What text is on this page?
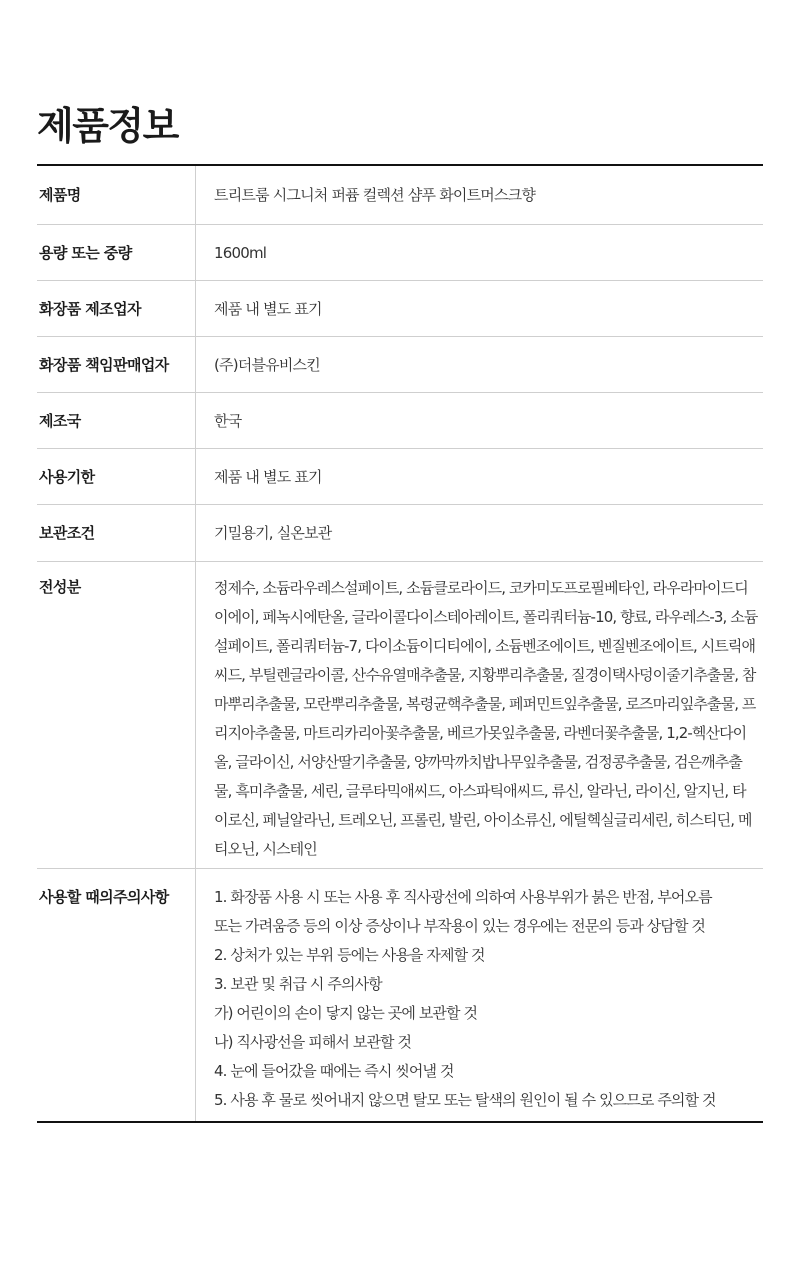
제품정보
제품명	트리트룸 시그니처 퍼퓸 컬렉션 샴푸 화이트머스크향
용량 또는 중량	1600ml
화장품 제조업자	제품 내 별도 표기
화장품 책임판매업자	(주)더블유비스킨
제조국	한국
사용기한	제품 내 별도 표기
보관조건	기밀용기, 실온보관
전성분	정제수, 소듐라우레스설페이트, 소듐클로라이드, 코카미도프로필베타인, 라우라마이드디이에이, 페녹시에탄올, 글라이콜다이스테아레이트, 폴리쿼터늄-10, 향료, 라우레스-3, 소듐설페이트, 폴리쿼터늄-7, 다이소듐이디티에이, 소듐벤조에이트, 벤질벤조에이트, 시트릭애씨드, 부틸렌글라이콜, 산수유열매추출물, 지황뿌리추출물, 질경이택사덩이줄기추출물, 참마뿌리추출물, 모란뿌리추출물, 복령균핵추출물, 페퍼민트잎추출물, 로즈마리잎추출물, 프리지아추출물, 마트리카리아꽃추출물, 베르가못잎추출물, 라벤더꽃추출물, 1,2-헥산다이올, 글라이신, 서양산딸기추출물, 양까막까치밥나무잎추출물, 검정콩추출물, 검은깨추출물, 흑미추출물, 세린, 글루타믹애씨드, 아스파틱애씨드, 류신, 알라닌, 라이신, 알지닌, 타이로신, 페닐알라닌, 트레오닌, 프롤린, 발린, 아이소류신, 에틸헥실글리세린, 히스티딘, 메티오닌, 시스테인
사용할 때의 주의사항	1. 화장품 사용 시 또는 사용 후 직사광선에 의하여 사용부위가 붉은 반점, 부어오름
또는 가려움증 등의 이상 증상이나 부작용이 있는 경우에는 전문의 등과 상담할 것
2. 상처가 있는 부위 등에는 사용을 자제할 것
3. 보관 및 취급 시 주의사항
가) 어린이의 손이 닿지 않는 곳에 보관할 것
나) 직사광선을 피해서 보관할 것
4. 눈에 들어갔을 때에는 즉시 씻어낼 것
5. 사용 후 물로 씻어내지 않으면 탈모 또는 탈색의 원인이 될 수 있으므로 주의할 것
